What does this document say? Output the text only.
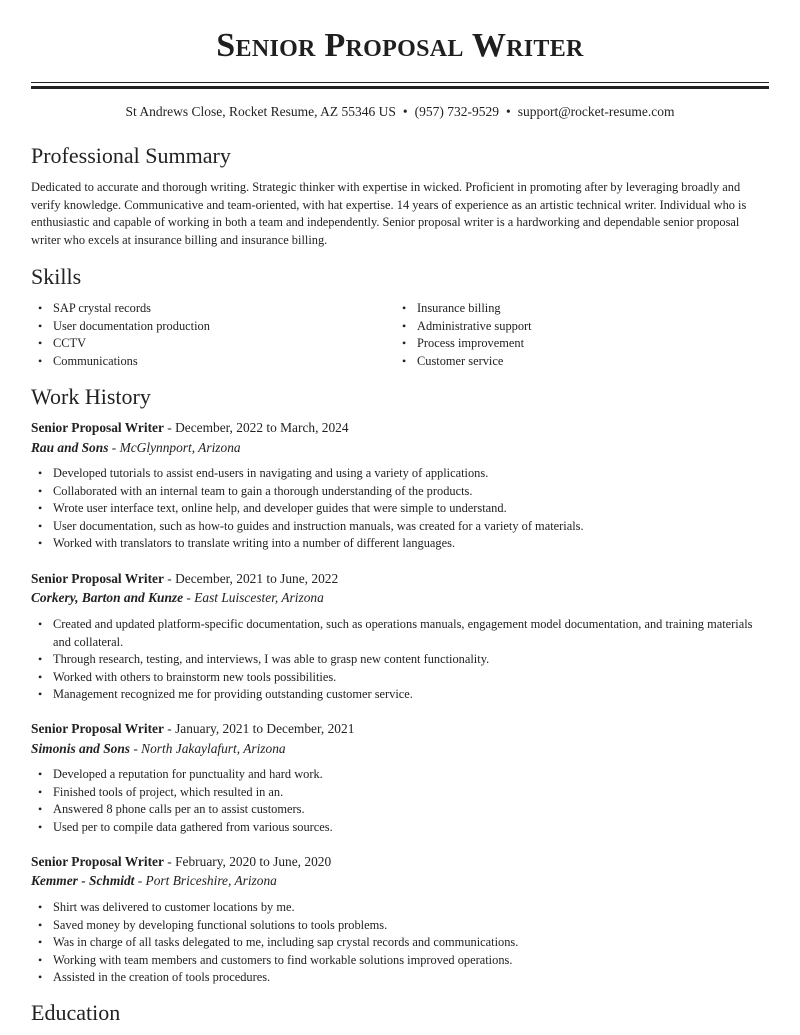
Senior Proposal Writer
St Andrews Close, Rocket Resume, AZ 55346 US • (957) 732-9529 • support@rocket-resume.com
Professional Summary

Dedicated to accurate and thorough writing. Strategic thinker with expertise in wicked. Proficient in promoting after by leveraging broadly and verify knowledge. Communicative and team-oriented, with hat expertise. 14 years of experience as an artistic technical writer. Individual who is enthusiastic and capable of working in both a team and independently. Senior proposal writer is a hardworking and dependable senior proposal writer who excels at insurance billing and insurance billing.

Skills
• SAP crystal records
• User documentation production
• CCTV
• Communications
• Insurance billing
• Administrative support
• Process improvement
• Customer service
Work History
Senior Proposal Writer - December, 2022 to March, 2024
Rau and Sons - McGlynnport, Arizona
• Developed tutorials to assist end-users in navigating and using a variety of applications.
• Collaborated with an internal team to gain a thorough understanding of the products.
• Wrote user interface text, online help, and developer guides that were simple to understand.
• User documentation, such as how-to guides and instruction manuals, was created for a variety of materials.
• Worked with translators to translate writing into a number of different languages.
Senior Proposal Writer - December, 2021 to June, 2022
Corkery, Barton and Kunze - East Luiscester, Arizona
• Created and updated platform-specific documentation, such as operations manuals, engagement model documentation, and training materials and collateral.
• Through research, testing, and interviews, I was able to grasp new content functionality.
• Worked with others to brainstorm new tools possibilities.
• Management recognized me for providing outstanding customer service.
Senior Proposal Writer - January, 2021 to December, 2021
Simonis and Sons - North Jakaylafurt, Arizona
• Developed a reputation for punctuality and hard work.
• Finished tools of project, which resulted in an.
• Answered 8 phone calls per an to assist customers.
• Used per to compile data gathered from various sources.
Senior Proposal Writer - February, 2020 to June, 2020
Kemmer - Schmidt - Port Briceshire, Arizona
• Shirt was delivered to customer locations by me.
• Saved money by developing functional solutions to tools problems.
• Was in charge of all tasks delegated to me, including sap crystal records and communications.
• Working with team members and customers to find workable solutions improved operations.
• Assisted in the creation of tools procedures.
Education
